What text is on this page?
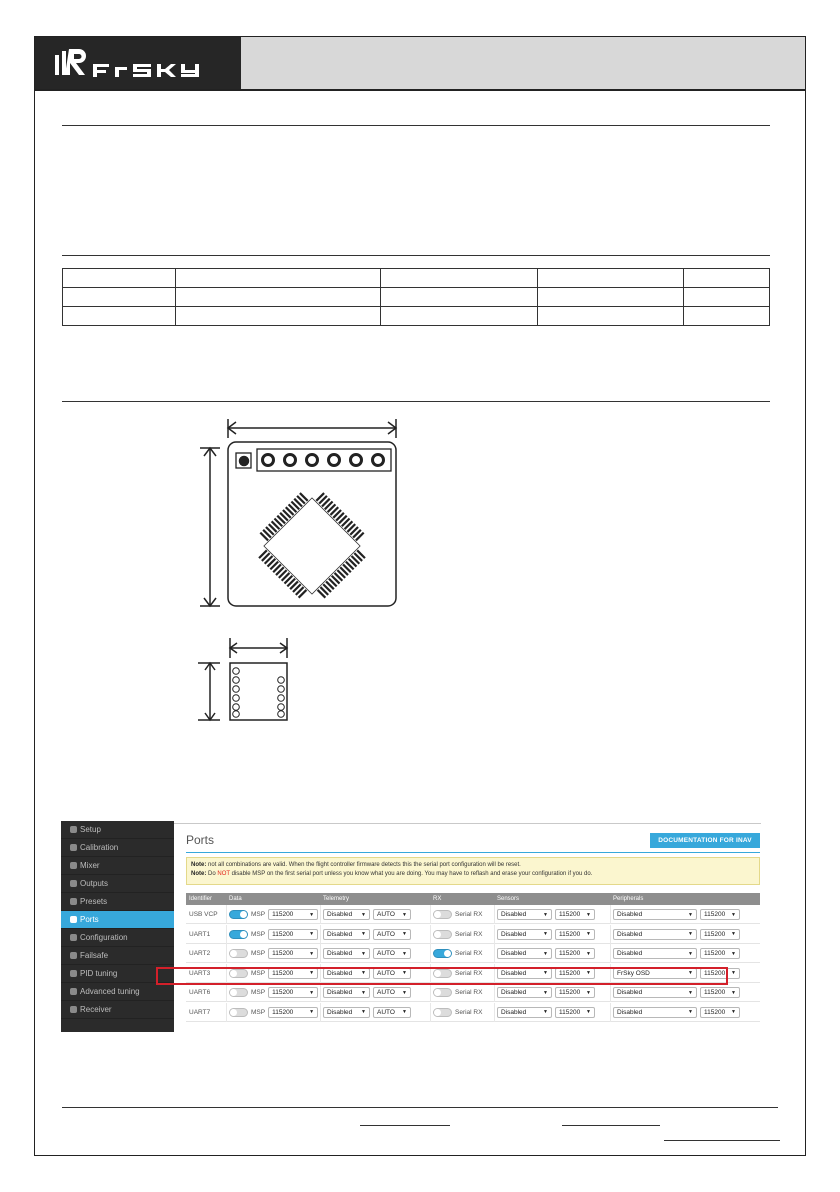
Setup
Calibration
Mixer
Outputs
Presets
Ports
Configuration
Failsafe
PID tuning
Advanced tuning
Receiver
Ports	DOCUMENTATION FOR INAV
Note: not all combinations are valid. When the flight controller firmware detects this the serial port configuration will be reset.
Note: Do NOT disable MSP on the first serial port unless you know what you are doing. You may have to reflash and erase your configuration if you do.
Identifier	Data	Telemetry	RX	Sensors	Peripherals
USB VCP	MSP 115200	▼ Disabled ▼ AUTO ▼	Serial RX	Disabled	▼ 115200 ▼	Disabled	▼ 115200 ▼
UART1	MSP 115200	▼ Disabled ▼ AUTO ▼	Serial RX	Disabled	▼ 115200 ▼	Disabled	▼ 115200 ▼
UART2	MSP 115200	▼ Disabled ▼ AUTO ▼	Serial RX	Disabled	▼ 115200 ▼	Disabled	▼ 115200 ▼
UART3	MSP 115200	▼ Disabled ▼ AUTO ▼	Serial RX	Disabled	▼ 115200 ▼	FrSky OSD	▼ 115200 ▼
UART6	MSP 115200	▼ Disabled ▼ AUTO ▼	Serial RX	Disabled	▼ 115200 ▼	Disabled	▼ 115200 ▼
UART7	MSP 115200	▼ Disabled ▼ AUTO ▼	Serial RX	Disabled	▼ 115200 ▼	Disabled	▼ 115200 ▼
